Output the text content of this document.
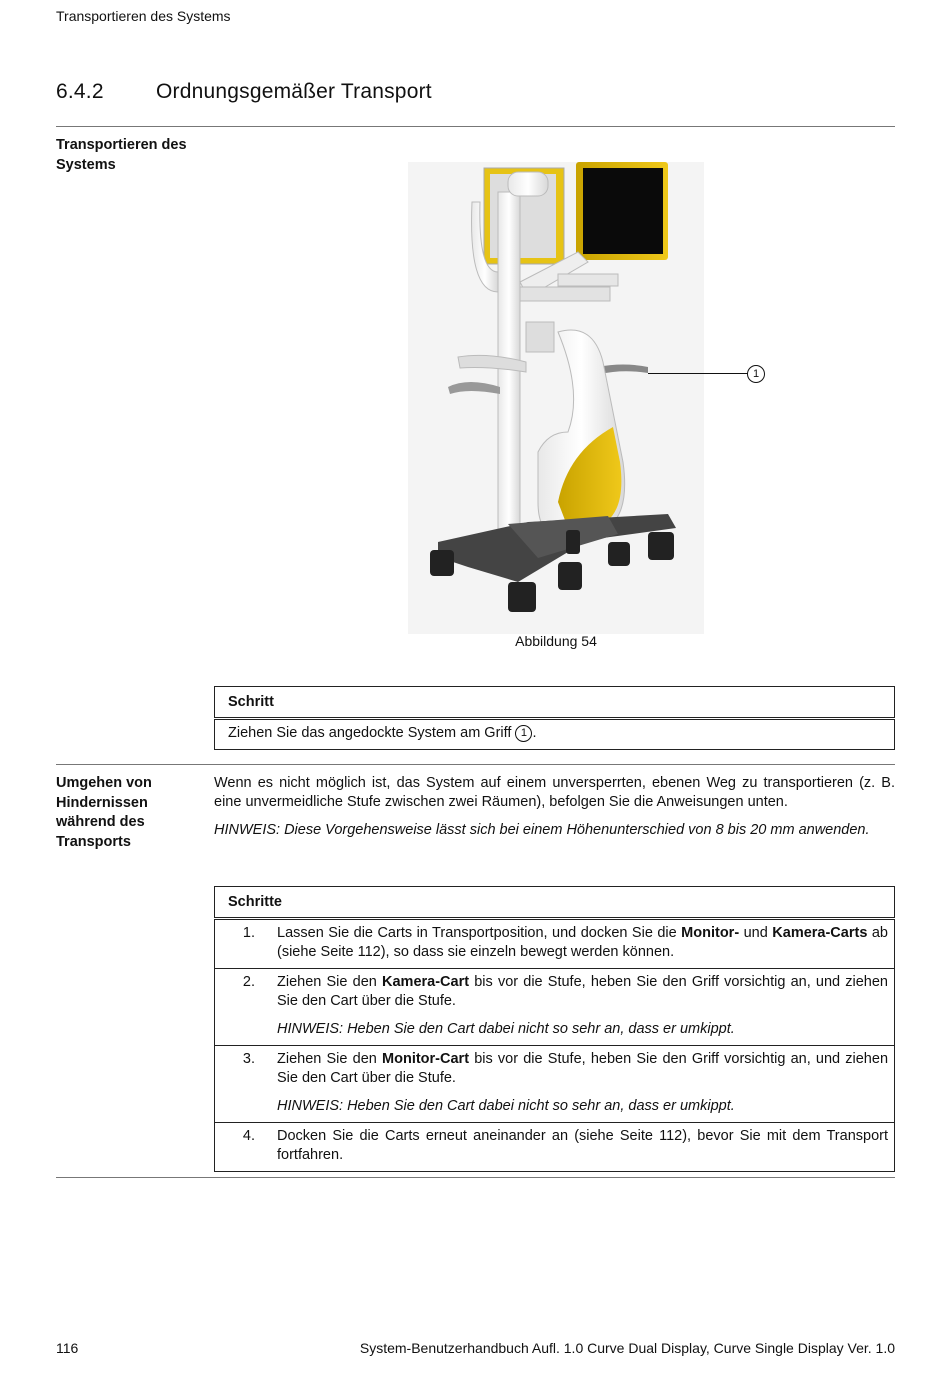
Transportieren des Systems
6.4.2 Ordnungsgemäßer Transport
Transportieren des
Systems
1
Abbildung 54
Schritt
Ziehen Sie das angedockte System am Griff 1 .
Umgehen von
Hindernissen
während des
Transports
Wenn es nicht möglich ist, das System auf einem unversperrten, ebenen Weg zu transportieren (z. B. eine unvermeidliche Stufe zwischen zwei Räumen), befolgen Sie die Anweisungen unten.
HINWEIS: Diese Vorgehensweise lässt sich bei einem Höhenunterschied von 8 bis 20 mm anwenden.
Schritte	
1.	Lassen Sie die Carts in Transportposition, und docken Sie die Monitor- und Kamera-Carts ab (siehe Seite 112), so dass sie einzeln bewegt werden können.
2.	Ziehen Sie den Kamera-Cart bis vor die Stufe, heben Sie den Griff vorsichtig an, und ziehen Sie den Cart über die Stufe.
HINWEIS: Heben Sie den Cart dabei nicht so sehr an, dass er umkippt.

3.	Ziehen Sie den Monitor-Cart bis vor die Stufe, heben Sie den Griff vorsichtig an, und ziehen Sie den Cart über die Stufe.
HINWEIS: Heben Sie den Cart dabei nicht so sehr an, dass er umkippt.

4.	Docken Sie die Carts erneut aneinander an (siehe Seite 112), bevor Sie mit dem Transport fortfahren.
116	System-Benutzerhandbuch Aufl. 1.0 Curve Dual Display, Curve Single Display Ver. 1.0
